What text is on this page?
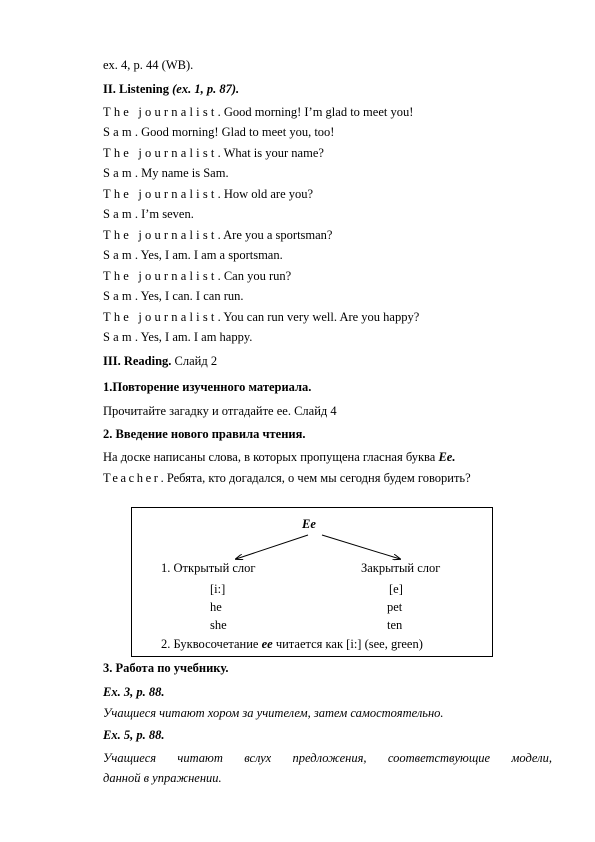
ex. 4, p. 44 (WB).
II. Listening (ex. 1, p. 87).
The journalist. Good morning! I’m glad to meet you!
Sam. Good morning! Glad to meet you, too!
The journalist. What is your name?
Sam. My name is Sam.
The journalist. How old are you?
Sam. I’m seven.
The journalist. Are you a sportsman?
Sam. Yes, I am. I am a sportsman.
The journalist. Can you run?
Sam. Yes, I can. I can run.
The journalist. You can run very well. Are you happy?
Sam. Yes, I am. I am happy.
III. Reading. Слайд 2
1.Повторение изученного материала.
Прочитайте загадку и отгадайте ее. Слайд 4
2. Введение нового правила чтения.
На доске написаны слова, в которых пропущена гласная буква Ee.
Teacher. Ребята, кто догадался, о чем мы сегодня будем говорить?
Ee
1. Открытый слог	Закрытый слог
[i:]	[e]
he	pet
she	ten
2. Буквосочетание ee читается как [i:] (see, green)
3. Работа по учебнику.
Ex. 3, p. 88.
Учащиеся читают хором за учителем, затем самостоятельно.
Ex. 5, p. 88.
Учащиеся читают вслух предложения, соответствующие модели,
данной в упражнении.
